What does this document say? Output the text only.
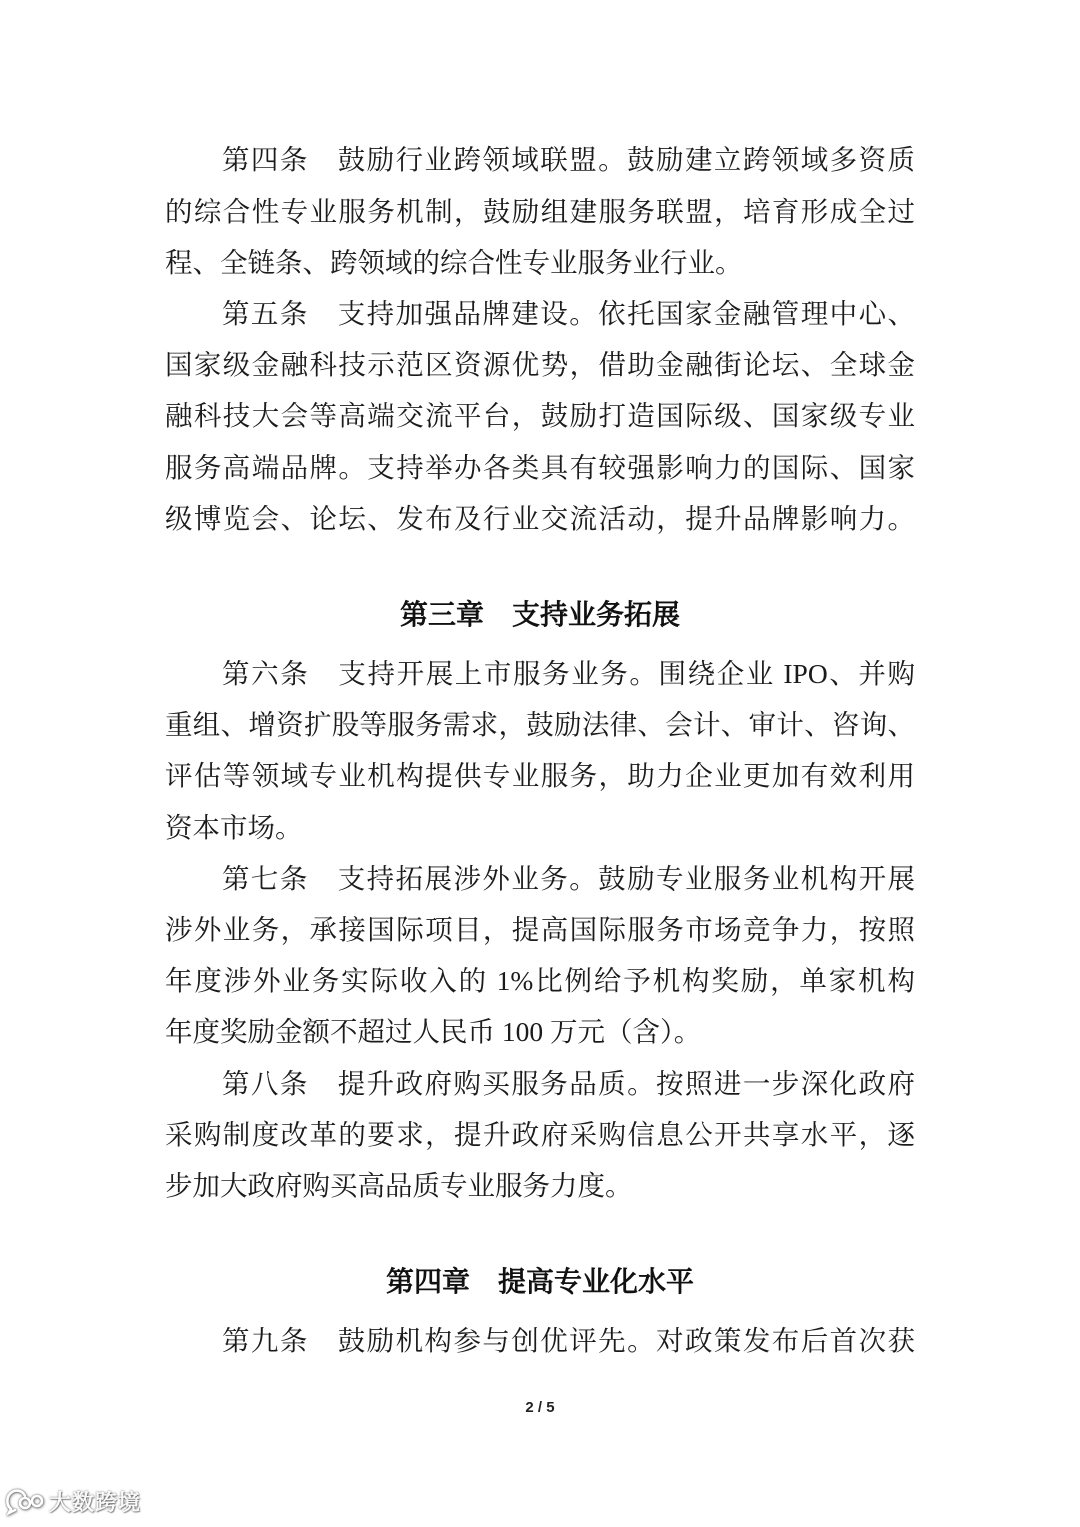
第四条　鼓励行业跨领域联盟。鼓励建立跨领域多资质
的综合性专业服务机制，鼓励组建服务联盟，培育形成全过
程、全链条、跨领域的综合性专业服务业行业。
第五条　支持加强品牌建设。依托国家金融管理中心、
国家级金融科技示范区资源优势，借助金融街论坛、全球金
融科技大会等高端交流平台，鼓励打造国际级、国家级专业
服务高端品牌。支持举办各类具有较强影响力的国际、国家
级博览会、论坛、发布及行业交流活动，提升品牌影响力。
第三章　支持业务拓展
第六条　支持开展上市服务业务。围绕企业 IPO、并购
重组、增资扩股等服务需求，鼓励法律、会计、审计、咨询、
评估等领域专业机构提供专业服务，助力企业更加有效利用
资本市场。
第七条　支持拓展涉外业务。鼓励专业服务业机构开展
涉外业务，承接国际项目，提高国际服务市场竞争力，按照
年度涉外业务实际收入的 1%比例给予机构奖励，单家机构
年度奖励金额不超过人民币 100 万元（含）。
第八条　提升政府购买服务品质。按照进一步深化政府
采购制度改革的要求，提升政府采购信息公开共享水平，逐
步加大政府购买高品质专业服务力度。
第四章　提高专业化水平
第九条　鼓励机构参与创优评先。对政策发布后首次获
2 / 5
大数跨境
